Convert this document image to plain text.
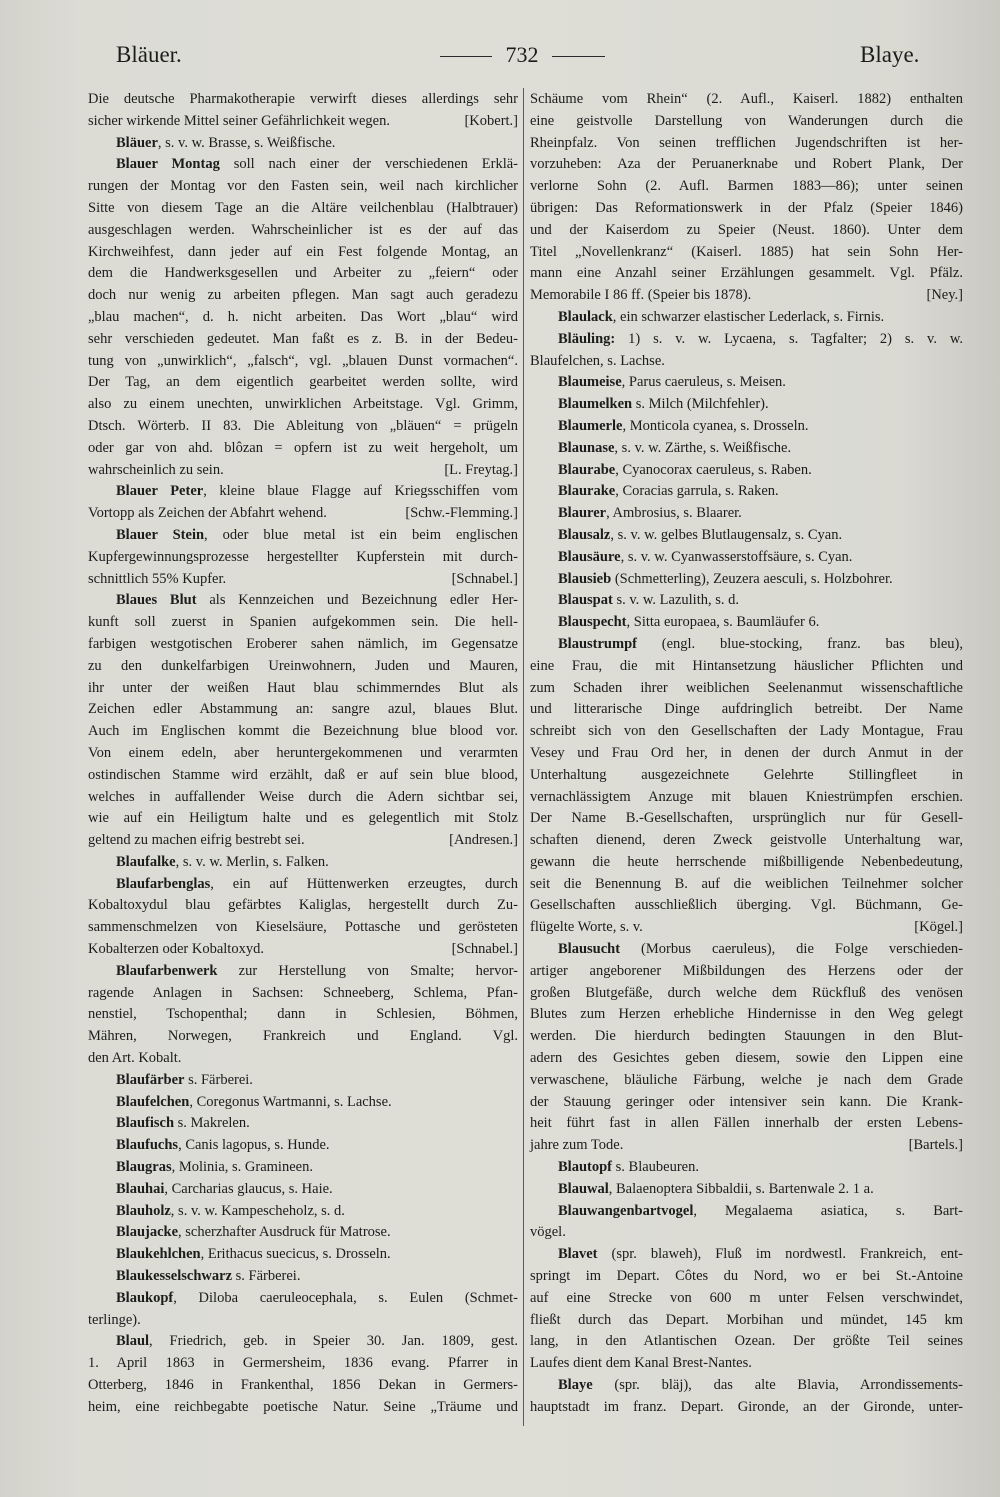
Bläuer.	732	Blaye.
Die deutsche Pharmakotherapie verwirft dieses allerdings sehr
sicher wirkende Mittel seiner Gefährlichkeit wegen.	[Kobert.]
Bläuer, s. v. w. Brasse, s. Weißfische.
Blauer Montag soll nach einer der verschiedenen Erklä-
rungen der Montag vor den Fasten sein, weil nach kirchlicher
Sitte von diesem Tage an die Altäre veilchenblau (Halbtrauer)
ausgeschlagen werden. Wahrscheinlicher ist es der auf das
Kirchweihfest, dann jeder auf ein Fest folgende Montag, an
dem die Handwerksgesellen und Arbeiter zu „feiern“ oder
doch nur wenig zu arbeiten pflegen. Man sagt auch geradezu
„blau machen“, d. h. nicht arbeiten. Das Wort „blau“ wird
sehr verschieden gedeutet. Man faßt es z. B. in der Bedeu-
tung von „unwirklich“, „falsch“, vgl. „blauen Dunst vormachen“.
Der Tag, an dem eigentlich gearbeitet werden sollte, wird
also zu einem unechten, unwirklichen Arbeitstage. Vgl. Grimm,
Dtsch. Wörterb. II 83. Die Ableitung von „bläuen“ = prügeln
oder gar von ahd. blôzan = opfern ist zu weit hergeholt, um
wahrscheinlich zu sein.	[L. Freytag.]
Blauer Peter, kleine blaue Flagge auf Kriegsschiffen vom
Vortopp als Zeichen der Abfahrt wehend.	[Schw.-Flemming.]
Blauer Stein, oder blue metal ist ein beim englischen
Kupfergewinnungsprozesse hergestellter Kupferstein mit durch-
schnittlich 55% Kupfer.	[Schnabel.]
Blaues Blut als Kennzeichen und Bezeichnung edler Her-
kunft soll zuerst in Spanien aufgekommen sein. Die hell-
farbigen westgotischen Eroberer sahen nämlich, im Gegensatze
zu den dunkelfarbigen Ureinwohnern, Juden und Mauren,
ihr unter der weißen Haut blau schimmerndes Blut als
Zeichen edler Abstammung an: sangre azul, blaues Blut.
Auch im Englischen kommt die Bezeichnung blue blood vor.
Von einem edeln, aber heruntergekommenen und verarmten
ostindischen Stamme wird erzählt, daß er auf sein blue blood,
welches in auffallender Weise durch die Adern sichtbar sei,
wie auf ein Heiligtum halte und es gelegentlich mit Stolz
geltend zu machen eifrig bestrebt sei.	[Andresen.]
Blaufalke, s. v. w. Merlin, s. Falken.
Blaufarbenglas, ein auf Hüttenwerken erzeugtes, durch
Kobaltoxydul blau gefärbtes Kaliglas, hergestellt durch Zu-
sammenschmelzen von Kieselsäure, Pottasche und gerösteten
Kobalterzen oder Kobaltoxyd.	[Schnabel.]
Blaufarbenwerk zur Herstellung von Smalte; hervor-
ragende Anlagen in Sachsen: Schneeberg, Schlema, Pfan-
nenstiel, Tschopenthal; dann in Schlesien, Böhmen,
Mähren, Norwegen, Frankreich und England. Vgl.
den Art. Kobalt.
Blaufärber s. Färberei.
Blaufelchen, Coregonus Wartmanni, s. Lachse.
Blaufisch s. Makrelen.
Blaufuchs, Canis lagopus, s. Hunde.
Blaugras, Molinia, s. Gramineen.
Blauhai, Carcharias glaucus, s. Haie.
Blauholz, s. v. w. Kampescheholz, s. d.
Blaujacke, scherzhafter Ausdruck für Matrose.
Blaukehlchen, Erithacus suecicus, s. Drosseln.
Blaukesselschwarz s. Färberei.
Blaukopf, Diloba caeruleocephala, s. Eulen (Schmet-
terlinge).
Blaul, Friedrich, geb. in Speier 30. Jan. 1809, gest.
1. April 1863 in Germersheim, 1836 evang. Pfarrer in
Otterberg, 1846 in Frankenthal, 1856 Dekan in Germers-
heim, eine reichbegabte poetische Natur. Seine „Träume und
Schäume vom Rhein“ (2. Aufl., Kaiserl. 1882) enthalten
eine geistvolle Darstellung von Wanderungen durch die
Rheinpfalz. Von seinen trefflichen Jugendschriften ist her-
vorzuheben: Aza der Peruanerknabe und Robert Plank, Der
verlorne Sohn (2. Aufl. Barmen 1883—86); unter seinen
übrigen: Das Reformationswerk in der Pfalz (Speier 1846)
und der Kaiserdom zu Speier (Neust. 1860). Unter dem
Titel „Novellenkranz“ (Kaiserl. 1885) hat sein Sohn Her-
mann eine Anzahl seiner Erzählungen gesammelt. Vgl. Pfälz.
Memorabile I 86 ff. (Speier bis 1878).	[Ney.]
Blaulack, ein schwarzer elastischer Lederlack, s. Firnis.
Bläuling: 1) s. v. w. Lycaena, s. Tagfalter; 2) s. v. w.
Blaufelchen, s. Lachse.
Blaumeise, Parus caeruleus, s. Meisen.
Blaumelken s. Milch (Milchfehler).
Blaumerle, Monticola cyanea, s. Drosseln.
Blaunase, s. v. w. Zärthe, s. Weißfische.
Blaurabe, Cyanocorax caeruleus, s. Raben.
Blaurake, Coracias garrula, s. Raken.
Blaurer, Ambrosius, s. Blaarer.
Blausalz, s. v. w. gelbes Blutlaugensalz, s. Cyan.
Blausäure, s. v. w. Cyanwasserstoffsäure, s. Cyan.
Blausieb (Schmetterling), Zeuzera aesculi, s. Holzbohrer.
Blauspat s. v. w. Lazulith, s. d.
Blauspecht, Sitta europaea, s. Baumläufer 6.
Blaustrumpf (engl. blue-stocking, franz. bas bleu),
eine Frau, die mit Hintansetzung häuslicher Pflichten und
zum Schaden ihrer weiblichen Seelenanmut wissenschaftliche
und litterarische Dinge aufdringlich betreibt. Der Name
schreibt sich von den Gesellschaften der Lady Montague, Frau
Vesey und Frau Ord her, in denen der durch Anmut in der
Unterhaltung ausgezeichnete Gelehrte Stillingfleet in
vernachlässigtem Anzuge mit blauen Kniestrümpfen erschien.
Der Name B.-Gesellschaften, ursprünglich nur für Gesell-
schaften dienend, deren Zweck geistvolle Unterhaltung war,
gewann die heute herrschende mißbilligende Nebenbedeutung,
seit die Benennung B. auf die weiblichen Teilnehmer solcher
Gesellschaften ausschließlich überging. Vgl. Büchmann, Ge-
flügelte Worte, s. v.	[Kögel.]
Blausucht (Morbus caeruleus), die Folge verschieden-
artiger angeborener Mißbildungen des Herzens oder der
großen Blutgefäße, durch welche dem Rückfluß des venösen
Blutes zum Herzen erhebliche Hindernisse in den Weg gelegt
werden. Die hierdurch bedingten Stauungen in den Blut-
adern des Gesichtes geben diesem, sowie den Lippen eine
verwaschene, bläuliche Färbung, welche je nach dem Grade
der Stauung geringer oder intensiver sein kann. Die Krank-
heit führt fast in allen Fällen innerhalb der ersten Lebens-
jahre zum Tode.	[Bartels.]
Blautopf s. Blaubeuren.
Blauwal, Balaenoptera Sibbaldii, s. Bartenwale 2. 1 a.
Blauwangenbartvogel, Megalaema asiatica, s. Bart-
vögel.
Blavet (spr. blaweh), Fluß im nordwestl. Frankreich, ent-
springt im Depart. Côtes du Nord, wo er bei St.-Antoine
auf eine Strecke von 600 m unter Felsen verschwindet,
fließt durch das Depart. Morbihan und mündet, 145 km
lang, in den Atlantischen Ozean. Der größte Teil seines
Laufes dient dem Kanal Brest-Nantes.
Blaye (spr. bläj), das alte Blavia, Arrondissements-
hauptstadt im franz. Depart. Gironde, an der Gironde, unter-
